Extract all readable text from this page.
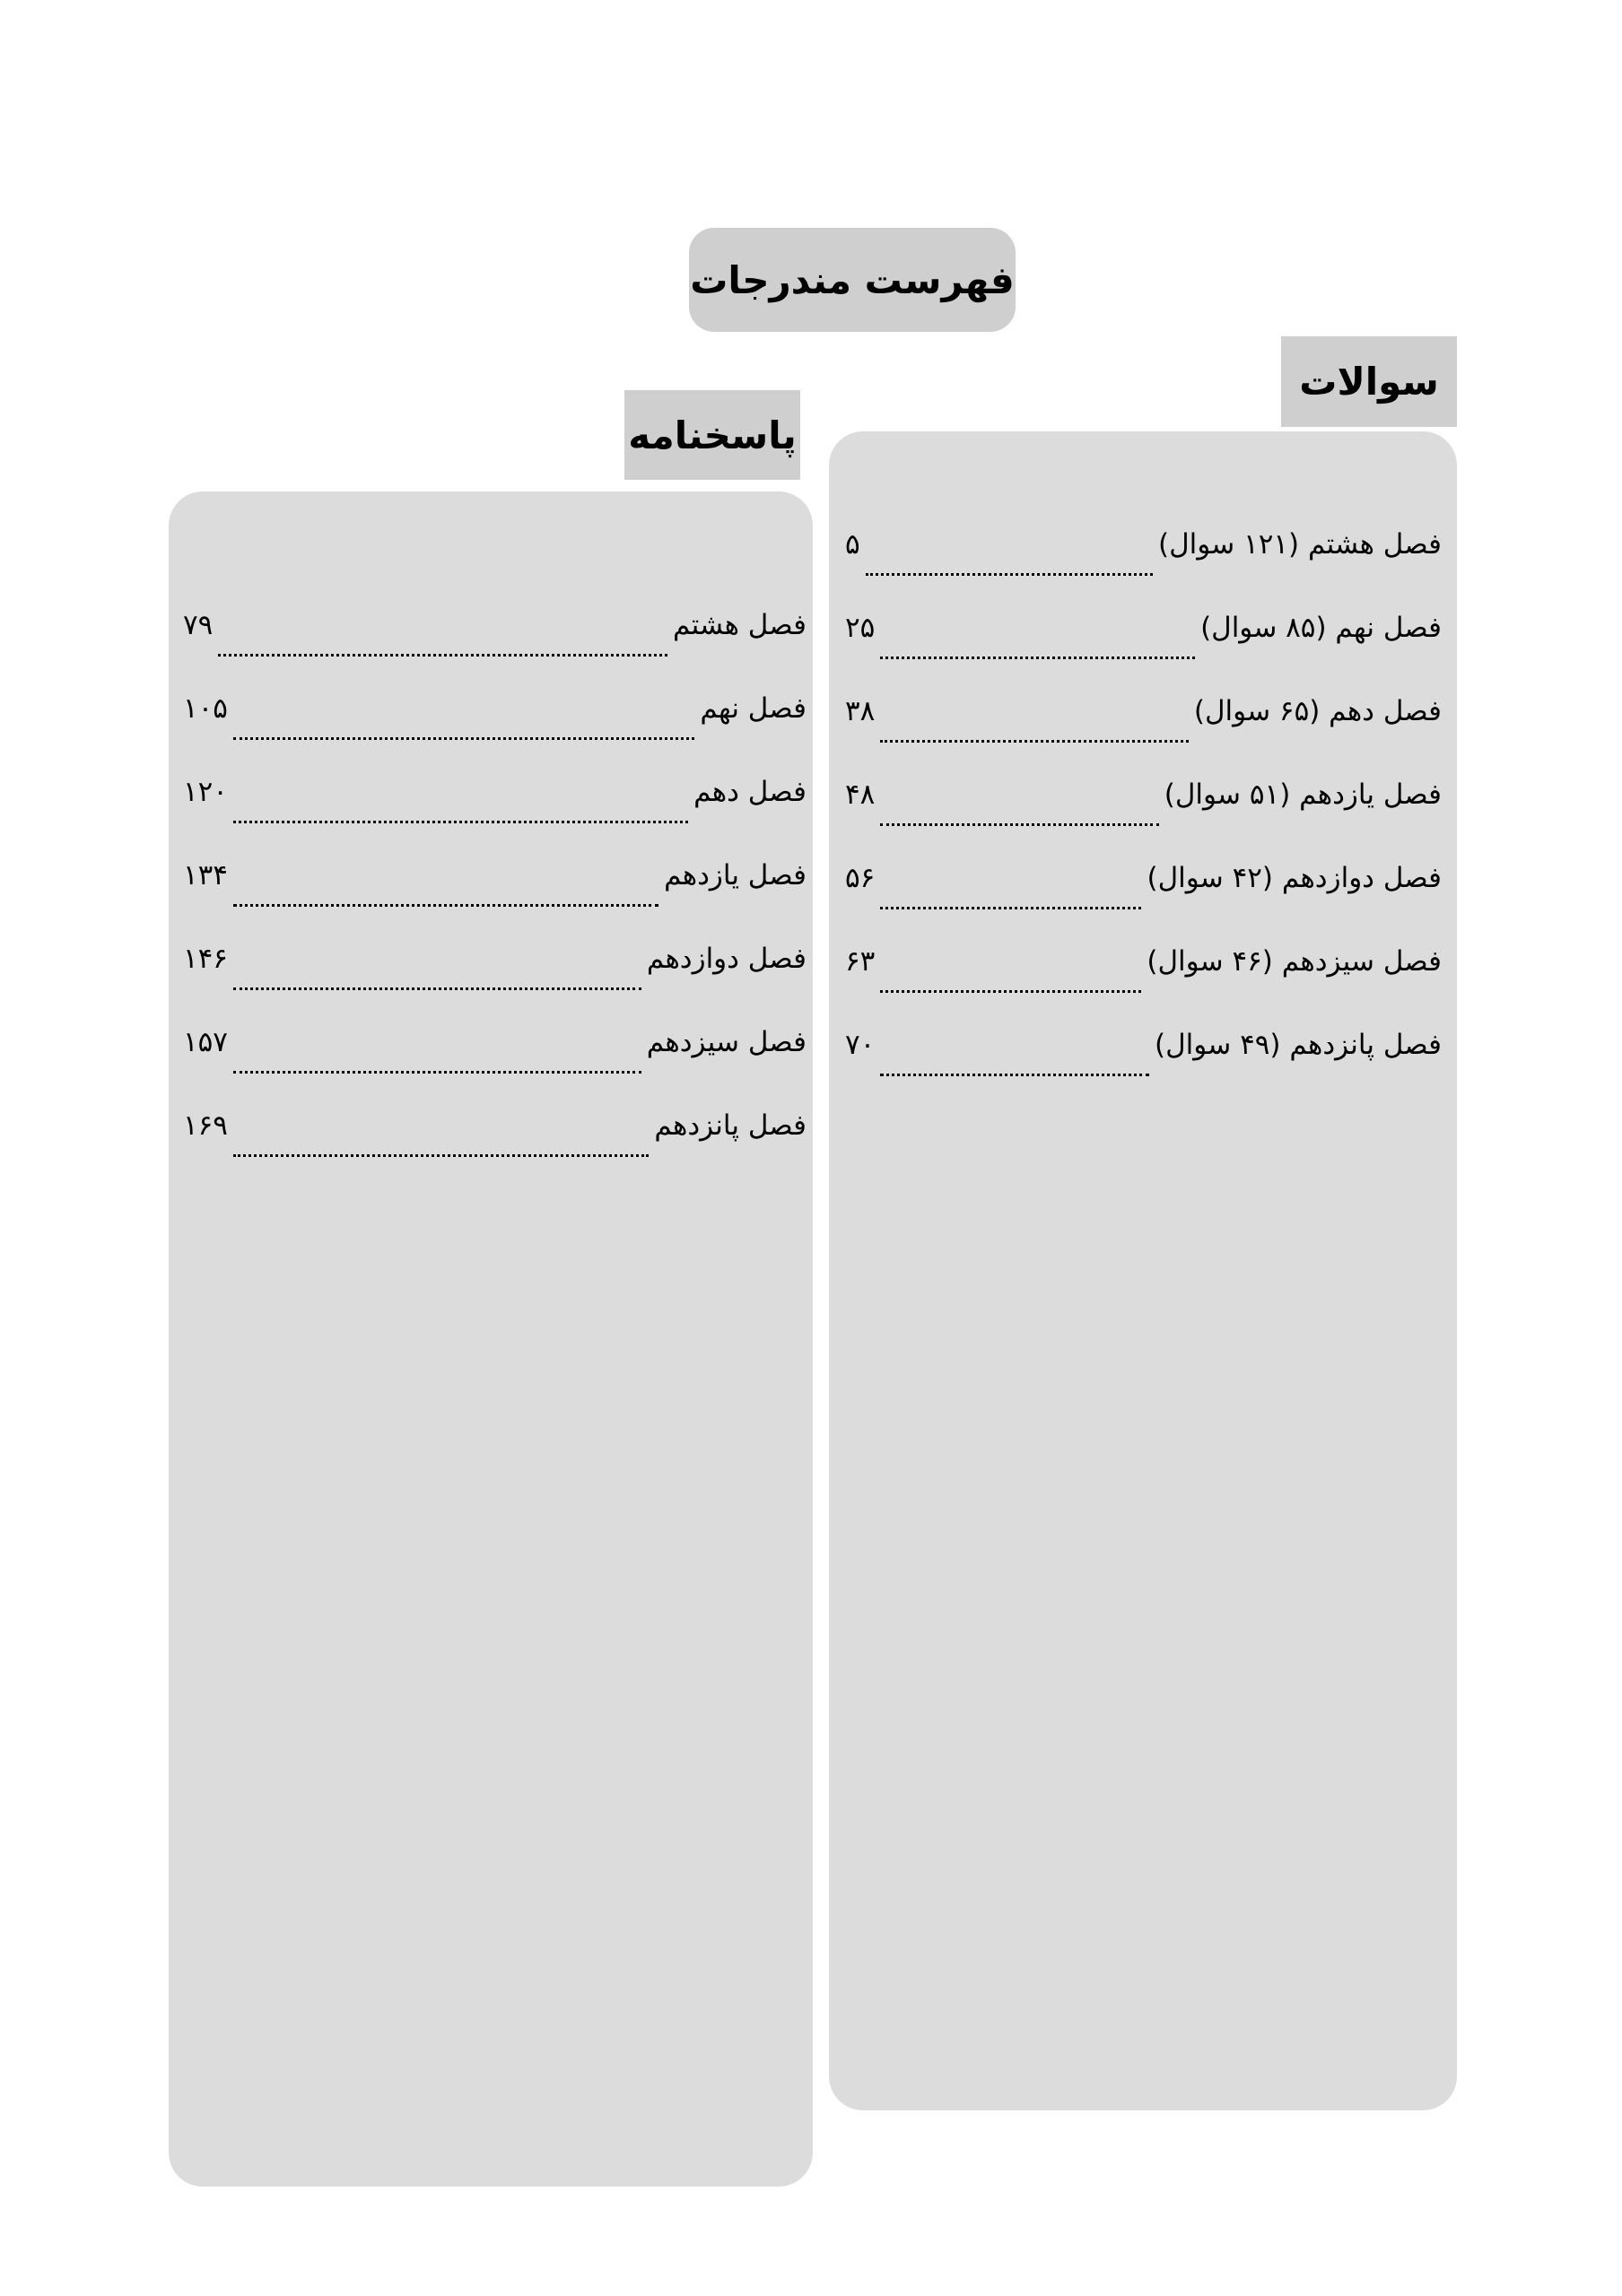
فهرست مندرجات
سوالات
پاسخنامه
فصل هشتم (۱۲۱ سوال)
۵
فصل نهم (۸۵ سوال)
۲۵
فصل دهم (۶۵ سوال)
۳۸
فصل یازدهم (۵۱ سوال)
۴۸
فصل دوازدهم (۴۲ سوال)
۵۶
فصل سیزدهم (۴۶ سوال)
۶۳
فصل پانزدهم (۴۹ سوال)
۷۰
فصل هشتم
۷۹
فصل نهم
۱۰۵
فصل دهم
۱۲۰
فصل یازدهم
۱۳۴
فصل دوازدهم
۱۴۶
فصل سیزدهم
۱۵۷
فصل پانزدهم
۱۶۹
